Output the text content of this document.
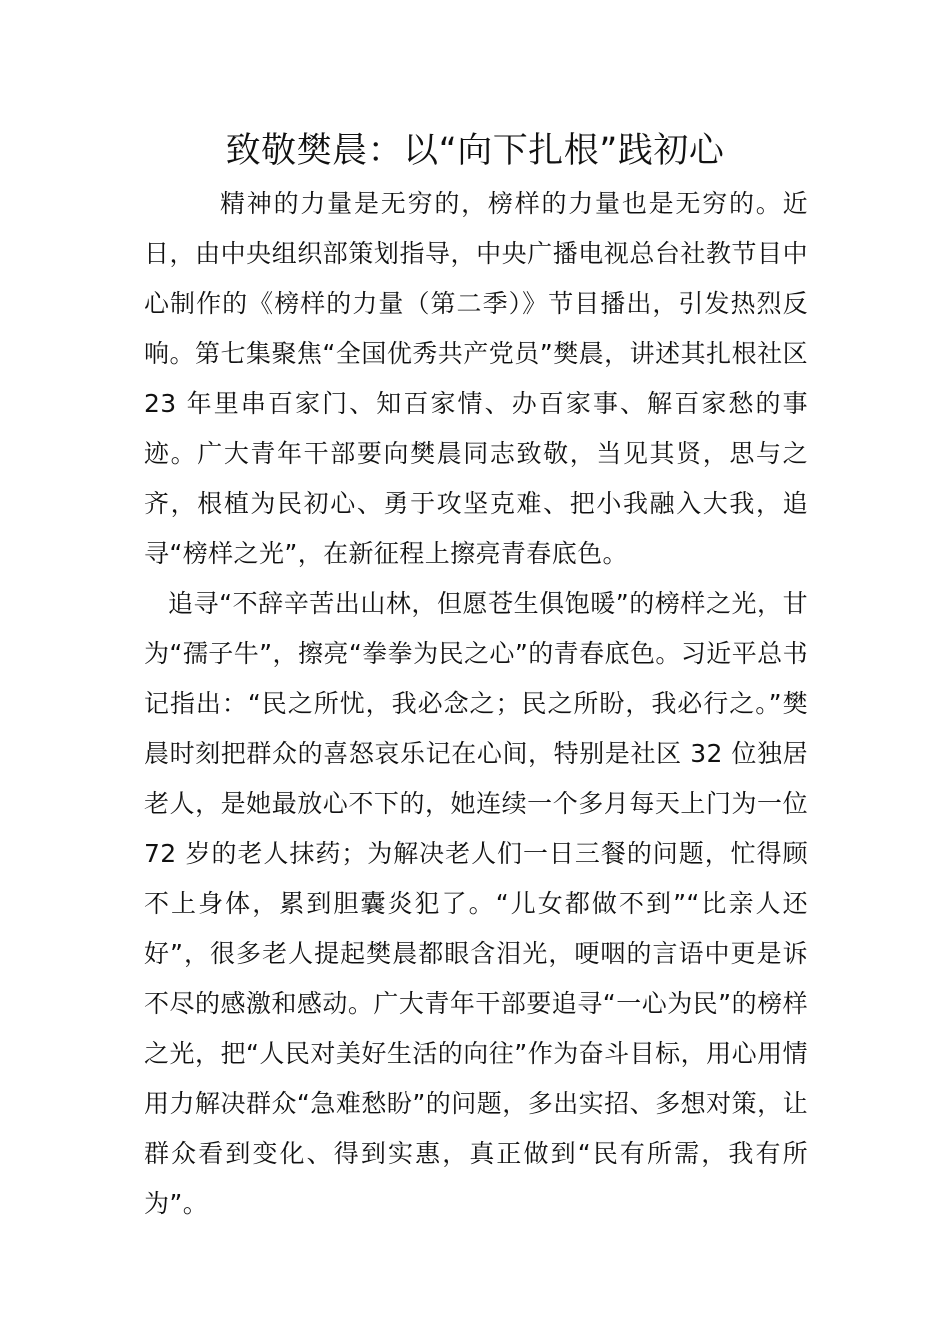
致敬樊晨：以“向下扎根”践初心

精神的力量是无穷的，榜样的力量也是无穷的。近日，由中央组织部策划指导，中央广播电视总台社教节目中心制作的《榜样的力量（第二季）》节目播出，引发热烈反响。第七集聚焦“全国优秀共产党员”樊晨，讲述其扎根社区 23 年里串百家门、知百家情、办百家事、解百家愁的事迹。广大青年干部要向樊晨同志致敬，当见其贤，思与之齐，根植为民初心、勇于攻坚克难、把小我融入大我，追寻“榜样之光”，在新征程上擦亮青春底色。

追寻“不辞辛苦出山林，但愿苍生俱饱暖”的榜样之光，甘为“孺子牛”，擦亮“拳拳为民之心”的青春底色。习近平总书记指出：“民之所忧，我必念之；民之所盼，我必行之。”樊晨时刻把群众的喜怒哀乐记在心间，特别是社区 32 位独居老人，是她最放心不下的，她连续一个多月每天上门为一位 72 岁的老人抹药；为解决老人们一日三餐的问题，忙得顾不上身体，累到胆囊炎犯了。“儿女都做不到”“比亲人还好”，很多老人提起樊晨都眼含泪光，哽咽的言语中更是诉不尽的感激和感动。广大青年干部要追寻“一心为民”的榜样之光，把“人民对美好生活的向往”作为奋斗目标，用心用情用力解决群众“急难愁盼”的问题，多出实招、多想对策，让群众看到变化、得到实惠，真正做到“民有所需，我有所为”。
